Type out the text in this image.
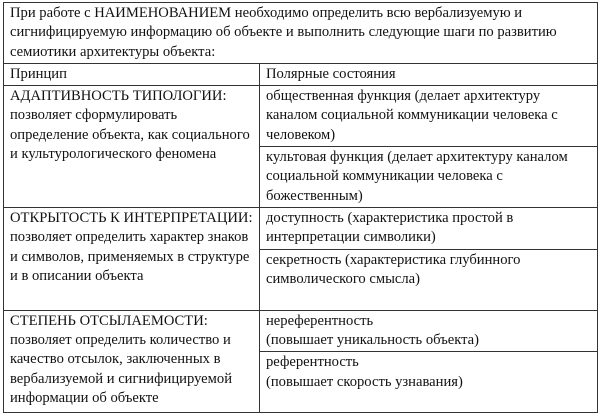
При работе с НАИМЕНОВАНИЕМ необходимо определить всю вербализуемую и сигнифицируемую информацию об объекте и выполнить следующие шаги по развитию семиотики архитектуры объекта:	
Принцип	Полярные состояния
АДАПТИВНОСТЬ ТИПОЛОГИИ: позволяет сформулировать определение объекта, как социального и культурологического феномена	общественная функция (делает архитектуру каналом социальной коммуникации человека с человеком)
	культовая функция (делает архитектуру каналом социальной коммуникации человека с божественным)
ОТКРЫТОСТЬ К ИНТЕРПРЕТАЦИИ: позволяет определить характер знаков и символов, применяемых в структуре и в описании объекта	доступность (характеристика простой в интерпретации символики)
	секретность (характеристика глубинного символического смысла)
СТЕПЕНЬ ОТСЫЛАЕМОСТИ: позволяет определить количество и качество отсылок, заключенных в вербализуемой и сигнифицируемой информации об объекте	нереферентность
(повышает уникальность объекта)

	референтность
(повышает скорость узнавания)
